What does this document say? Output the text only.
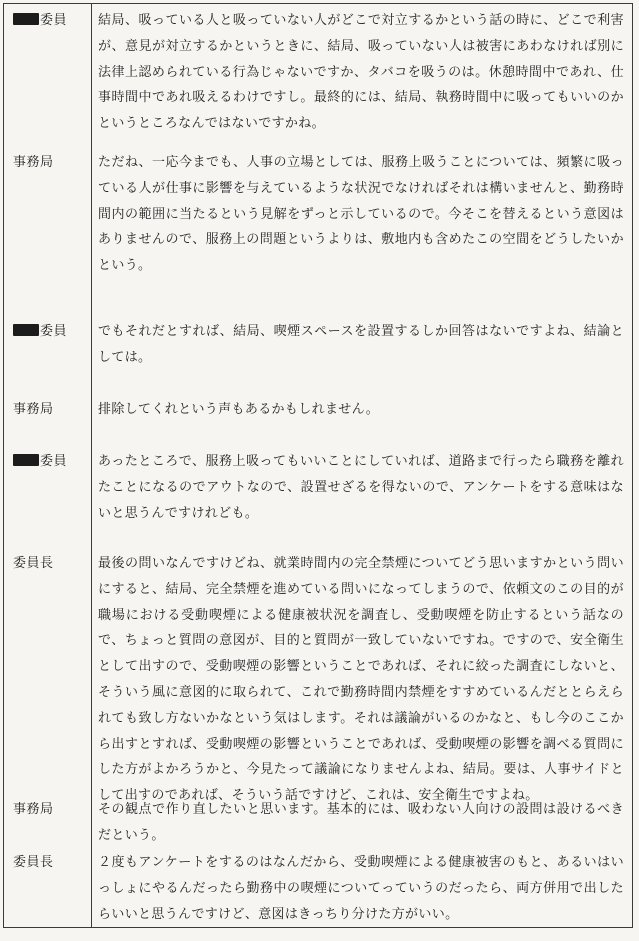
委員	結局、吸っている人と吸っていない人がどこで対立するかという話の時に、どこで利害が、意見が対立するかというときに、結局、吸っていない人は被害にあわなければ別に法律上認められている行為じゃないですか、タバコを吸うのは。休憩時間中であれ、仕事時間中であれ吸えるわけですし。最終的には、結局、執務時間中に吸ってもいいのかというところなんではないですかね。
事務局	ただね、一応今までも、人事の立場としては、服務上吸うことについては、頻繁に吸っている人が仕事に影響を与えているような状況でなければそれは構いませんと、勤務時間内の範囲に当たるという見解をずっと示しているので。今そこを替えるという意図はありませんので、服務上の問題というよりは、敷地内も含めたこの空間をどうしたいかという。
委員	でもそれだとすれば、結局、喫煙スペースを設置するしか回答はないですよね、結論としては。
事務局	排除してくれという声もあるかもしれません。
委員	あったところで、服務上吸ってもいいことにしていれば、道路まで行ったら職務を離れたことになるのでアウトなので、設置せざるを得ないので、アンケートをする意味はないと思うんですけれども。
委員長	最後の問いなんですけどね、就業時間内の完全禁煙についてどう思いますかという問いにすると、結局、完全禁煙を進めている問いになってしまうので、依頼文のこの目的が職場における受動喫煙による健康被状況を調査し、受動喫煙を防止するという話なので、ちょっと質問の意図が、目的と質問が一致していないですね。ですので、安全衛生として出すので、受動喫煙の影響ということであれば、それに絞った調査にしないと、そういう風に意図的に取られて、これで勤務時間内禁煙をすすめているんだととらえられても致し方ないかなという気はします。それは議論がいるのかなと、もし今のここから出すとすれば、受動喫煙の影響ということであれば、受動喫煙の影響を調べる質問にした方がよかろうかと、今見たって議論になりませんよね、結局。要は、人事サイドとして出すのであれば、そういう話ですけど、これは、安全衛生ですよね。
事務局	その観点で作り直したいと思います。基本的には、吸わない人向けの設問は設けるべきだという。
委員長	２度もアンケートをするのはなんだから、受動喫煙による健康被害のもと、あるいはいっしょにやるんだったら勤務中の喫煙についてっていうのだったら、両方併用で出したらいいと思うんですけど、意図はきっちり分けた方がいい。
